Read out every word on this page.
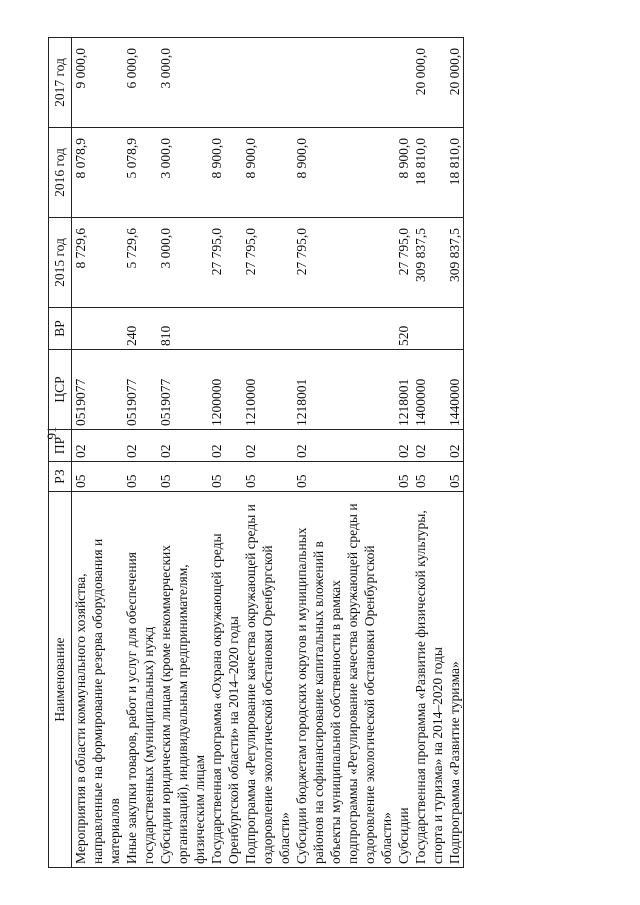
91
Наименование	РЗ	ПР	ЦСР	ВР	2015 год	2016 год	2017 год
Мероприятия в области коммунального хозяйства, направленные на формирование резерва оборудования и материалов	05	02	0519077		8 729,6	8 078,9	9 000,0
Иные закупки товаров, работ и услуг для обеспечения государственных (муниципальных) нужд	05	02	0519077	240	5 729,6	5 078,9	6 000,0
Субсидии юридическим лицам (кроме некоммерческих организаций), индивидуальным предпринимателям, физическим лицам	05	02	0519077	810	3 000,0	3 000,0	3 000,0
Государственная программа «Охрана окружающей среды Оренбургской области» на 2014–2020 годы	05	02	1200000		27 795,0	8 900,0	
Подпрограмма «Регулирование качества окружающей среды и оздоровление экологической обстановки Оренбургской области»	05	02	1210000		27 795,0	8 900,0	
Субсидии бюджетам городских округов и муниципальных районов на софинансирование капитальных вложений в объекты муниципальной собственности в рамках подпрограммы «Регулирование качества окружающей среды и оздоровление экологической обстановки Оренбургской области»	05	02	1218001		27 795,0	8 900,0	
Субсидии	05	02	1218001	520	27 795,0	8 900,0	
Государственная программа «Развитие физической культуры, спорта и туризма» на 2014–2020 годы	05	02	1400000		309 837,5	18 810,0	20 000,0
Подпрограмма «Развитие туризма»	05	02	1440000		309 837,5	18 810,0	20 000,0
